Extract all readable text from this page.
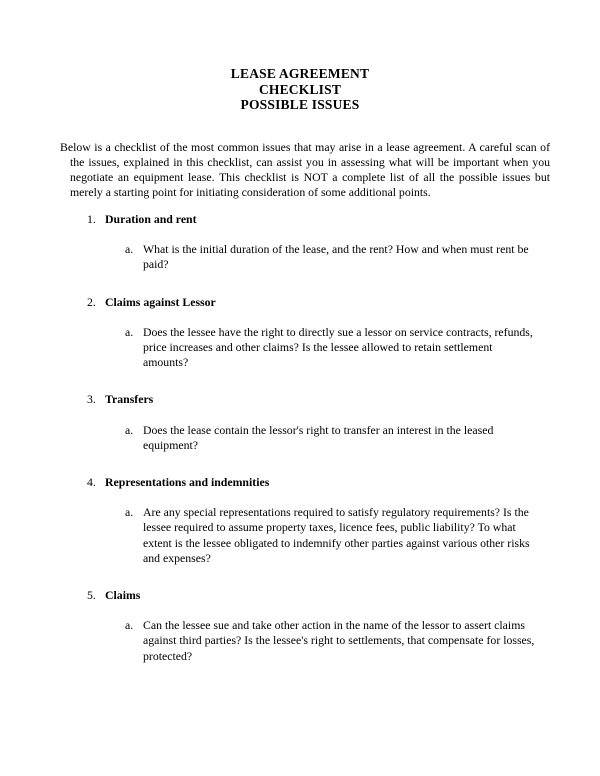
LEASE AGREEMENT
CHECKLIST
POSSIBLE ISSUES

Below is a checklist of the most common issues that may arise in a lease agreement. A careful scan of the issues, explained in this checklist, can assist you in assessing what will be important when you negotiate an equipment lease. This checklist is NOT a complete list of all the possible issues but merely a starting point for initiating consideration of some additional points.

1. Duration and rent
a. What is the initial duration of the lease, and the rent? How and when must rent be paid?
2. Claims against Lessor
a. Does the lessee have the right to directly sue a lessor on service contracts, refunds, price increases and other claims? Is the lessee allowed to retain settlement amounts?
3. Transfers
a. Does the lease contain the lessor's right to transfer an interest in the leased equipment?
4. Representations and indemnities
a. Are any special representations required to satisfy regulatory requirements? Is the lessee required to assume property taxes, licence fees, public liability? To what extent is the lessee obligated to indemnify other parties against various other risks and expenses?
5. Claims
a. Can the lessee sue and take other action in the name of the lessor to assert claims against third parties? Is the lessee's right to settlements, that compensate for losses, protected?
